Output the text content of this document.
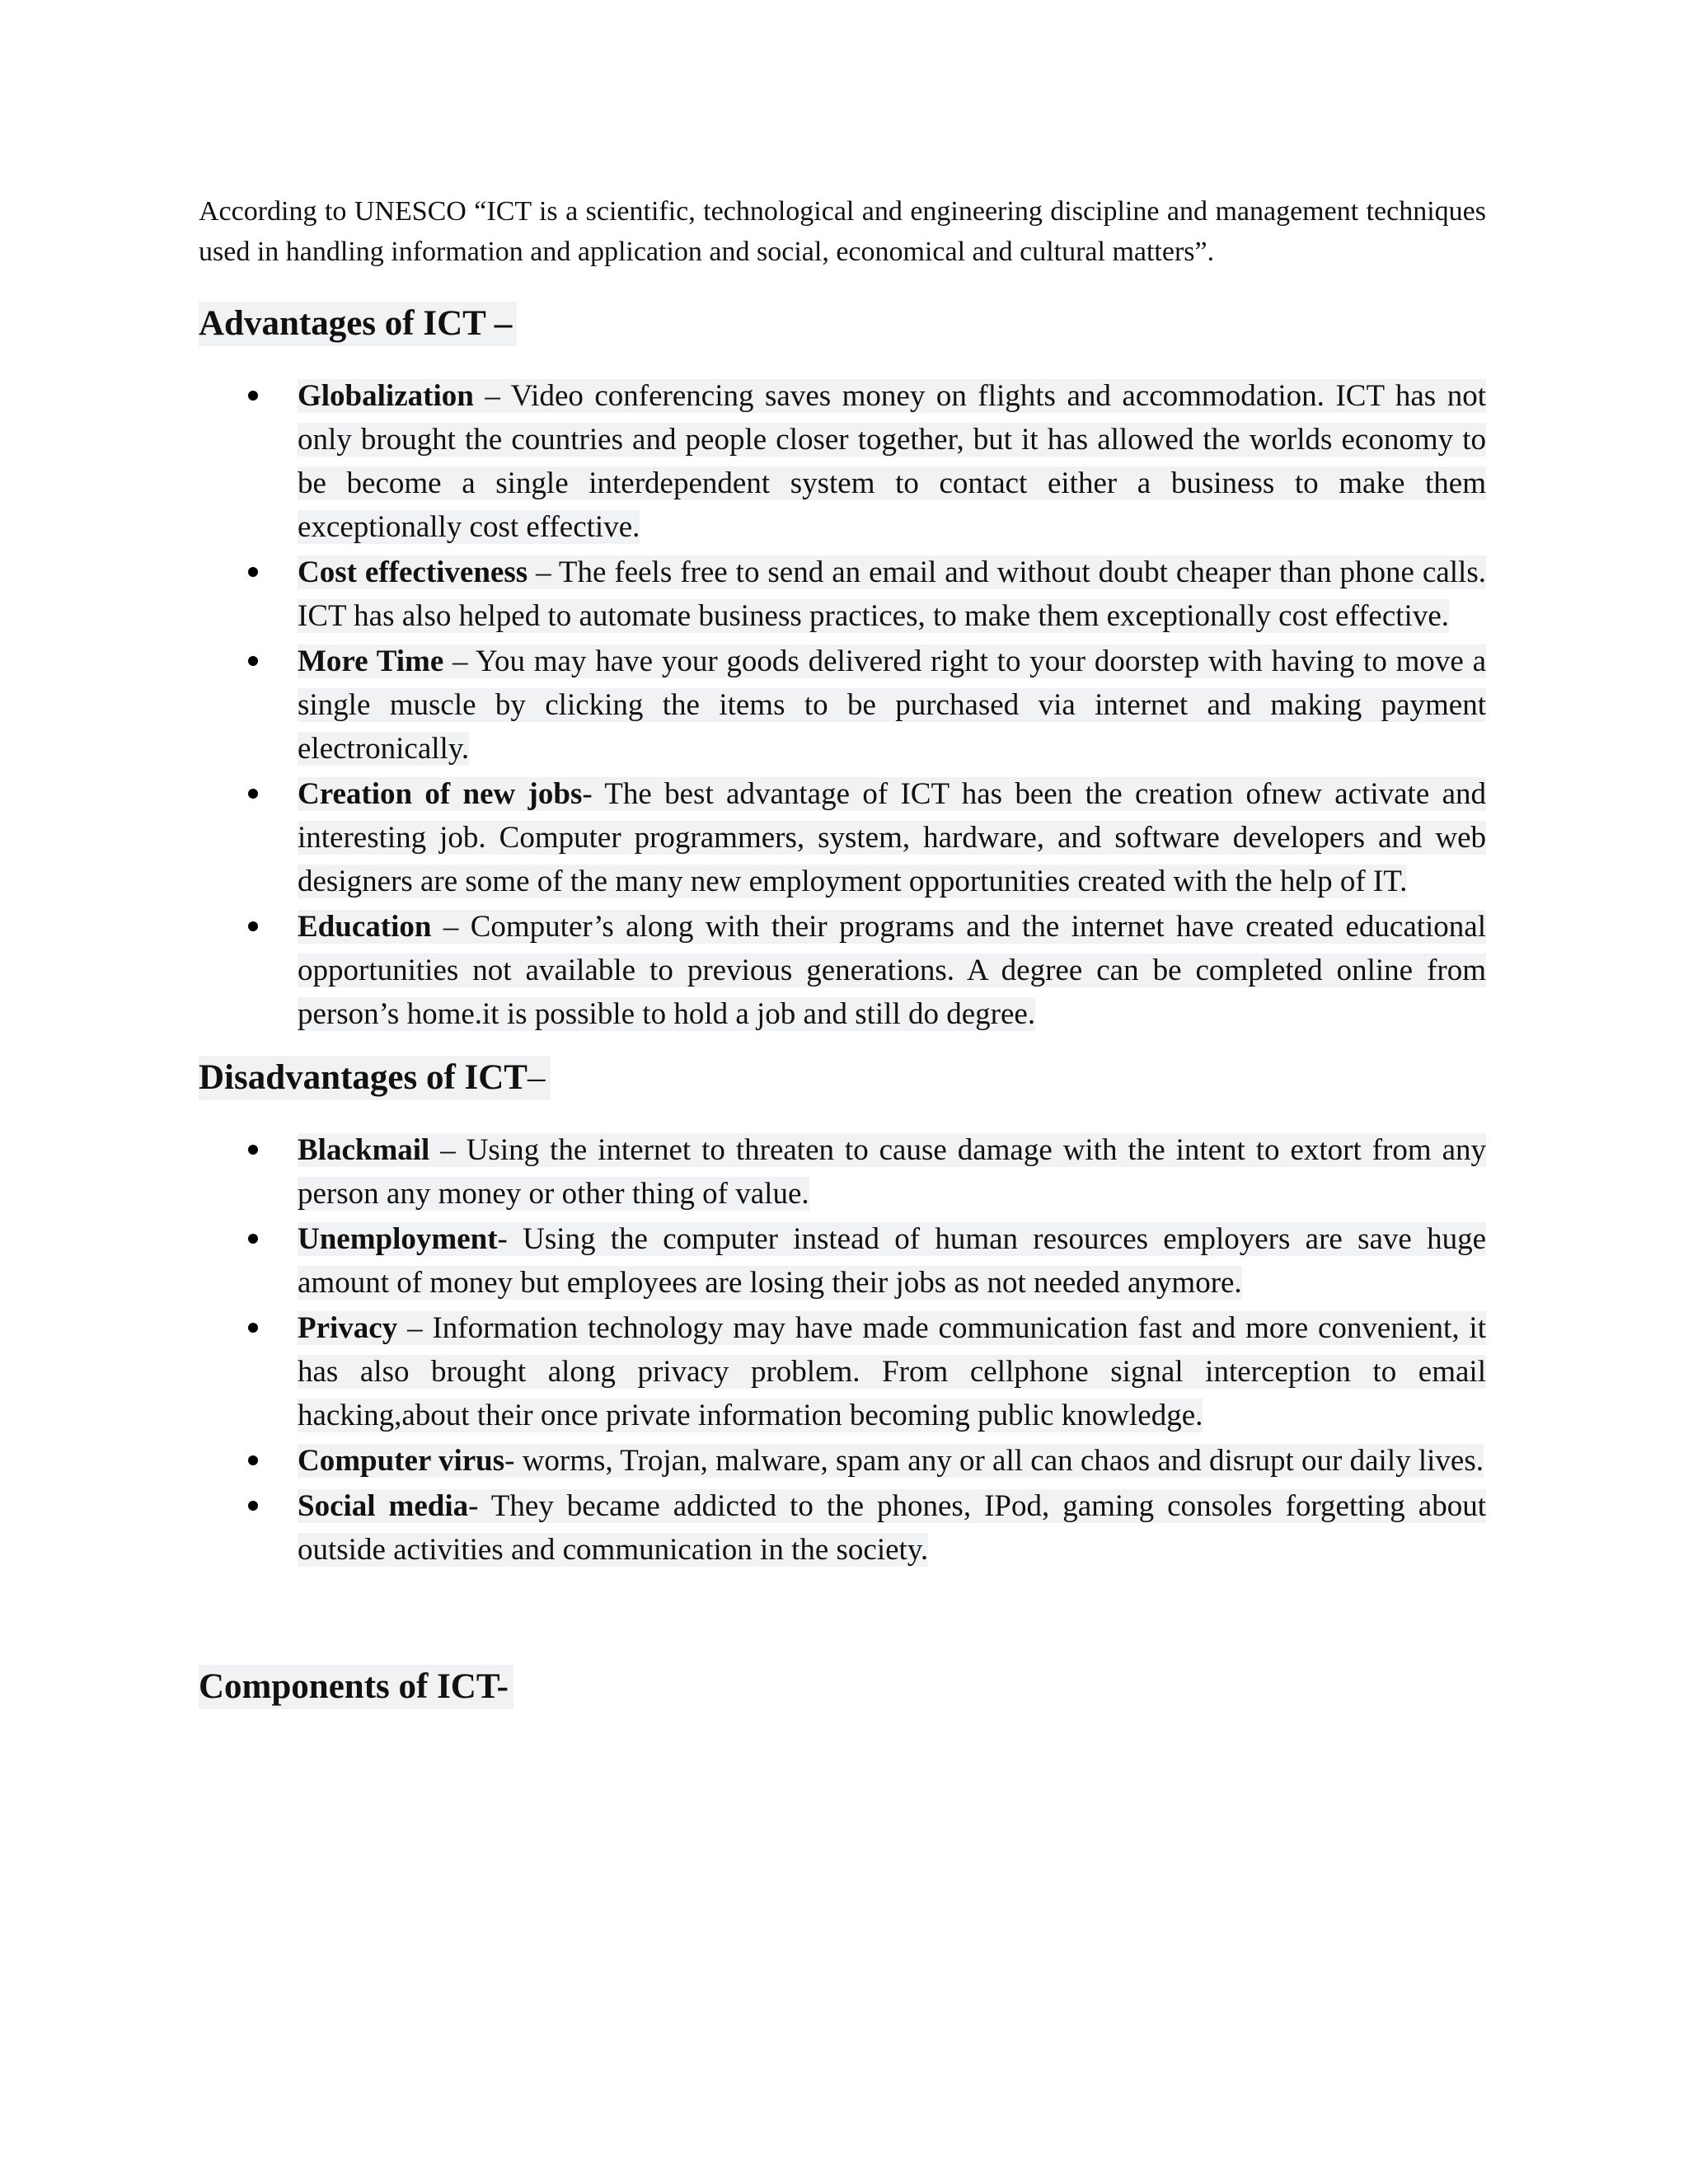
According to UNESCO “ICT is a scientific, technological and engineering discipline and management techniques used in handling information and application and social, economical and cultural matters”.

Advantages of ICT –
Globalization – Video conferencing saves money on flights and accommodation. ICT has not only brought the countries and people closer together, but it has allowed the worlds economy to be become a single interdependent system to contact either a business to make them exceptionally cost effective.
Cost effectiveness – The feels free to send an email and without doubt cheaper than phone calls. ICT has also helped to automate business practices, to make them exceptionally cost effective.
More Time – You may have your goods delivered right to your doorstep with having to move a single muscle by clicking the items to be purchased via internet and making payment electronically.
Creation of new jobs- The best advantage of ICT has been the creation ofnew activate and interesting job. Computer programmers, system, hardware, and software developers and web designers are some of the many new employment opportunities created with the help of IT.
Education – Computer’s along with their programs and the internet have created educational opportunities not available to previous generations. A degree can be completed online from person’s home.it is possible to hold a job and still do degree.
Disadvantages of ICT–
Blackmail – Using the internet to threaten to cause damage with the intent to extort from any person any money or other thing of value.
Unemployment- Using the computer instead of human resources employers are save huge amount of money but employees are losing their jobs as not needed anymore.
Privacy – Information technology may have made communication fast and more convenient, it has also brought along privacy problem. From cellphone signal interception to email hacking,about their once private information becoming public knowledge.
Computer virus- worms, Trojan, malware, spam any or all can chaos and disrupt our daily lives.
Social media- They became addicted to the phones, IPod, gaming consoles forgetting about outside activities and communication in the society.
Components of ICT-
